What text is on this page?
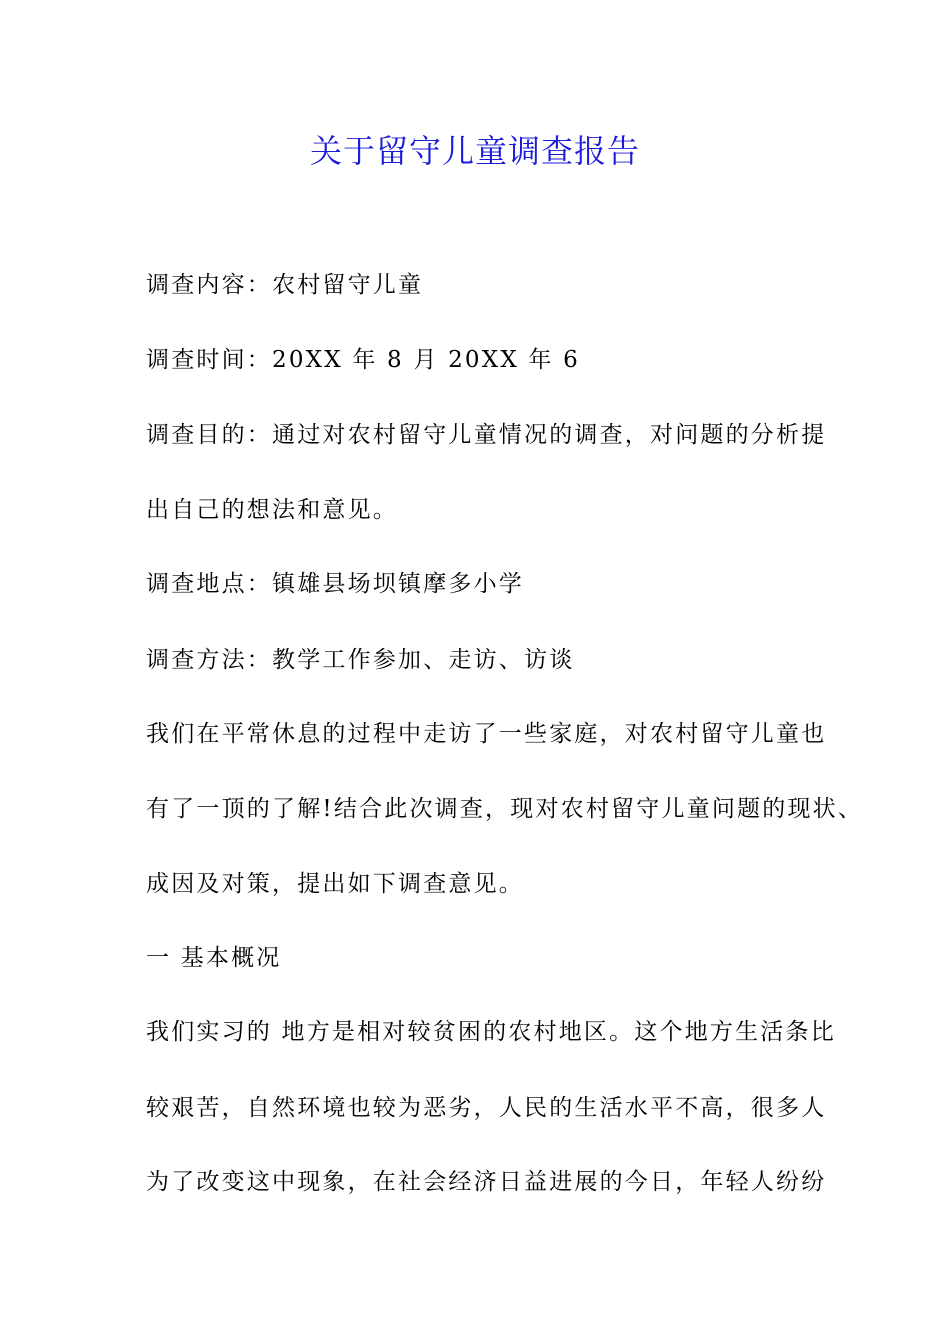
关于留守儿童调查报告
调查内容：农村留守儿童
调查时间：20XX 年 8 月 20XX 年 6
调查目的：通过对农村留守儿童情况的调查，对问题的分析提
出自己的想法和意见。
调查地点：镇雄县场坝镇摩多小学
调查方法：教学工作参加、走访、访谈
我们在平常休息的过程中走访了一些家庭，对农村留守儿童也
有了一顶的了解!结合此次调查，现对农村留守儿童问题的现状、
成因及对策，提出如下调查意见。
一 基本概况
我们实习的 地方是相对较贫困的农村地区。这个地方生活条比
较艰苦，自然环境也较为恶劣，人民的生活水平不高，很多人
为了改变这中现象，在社会经济日益进展的今日，年轻人纷纷
